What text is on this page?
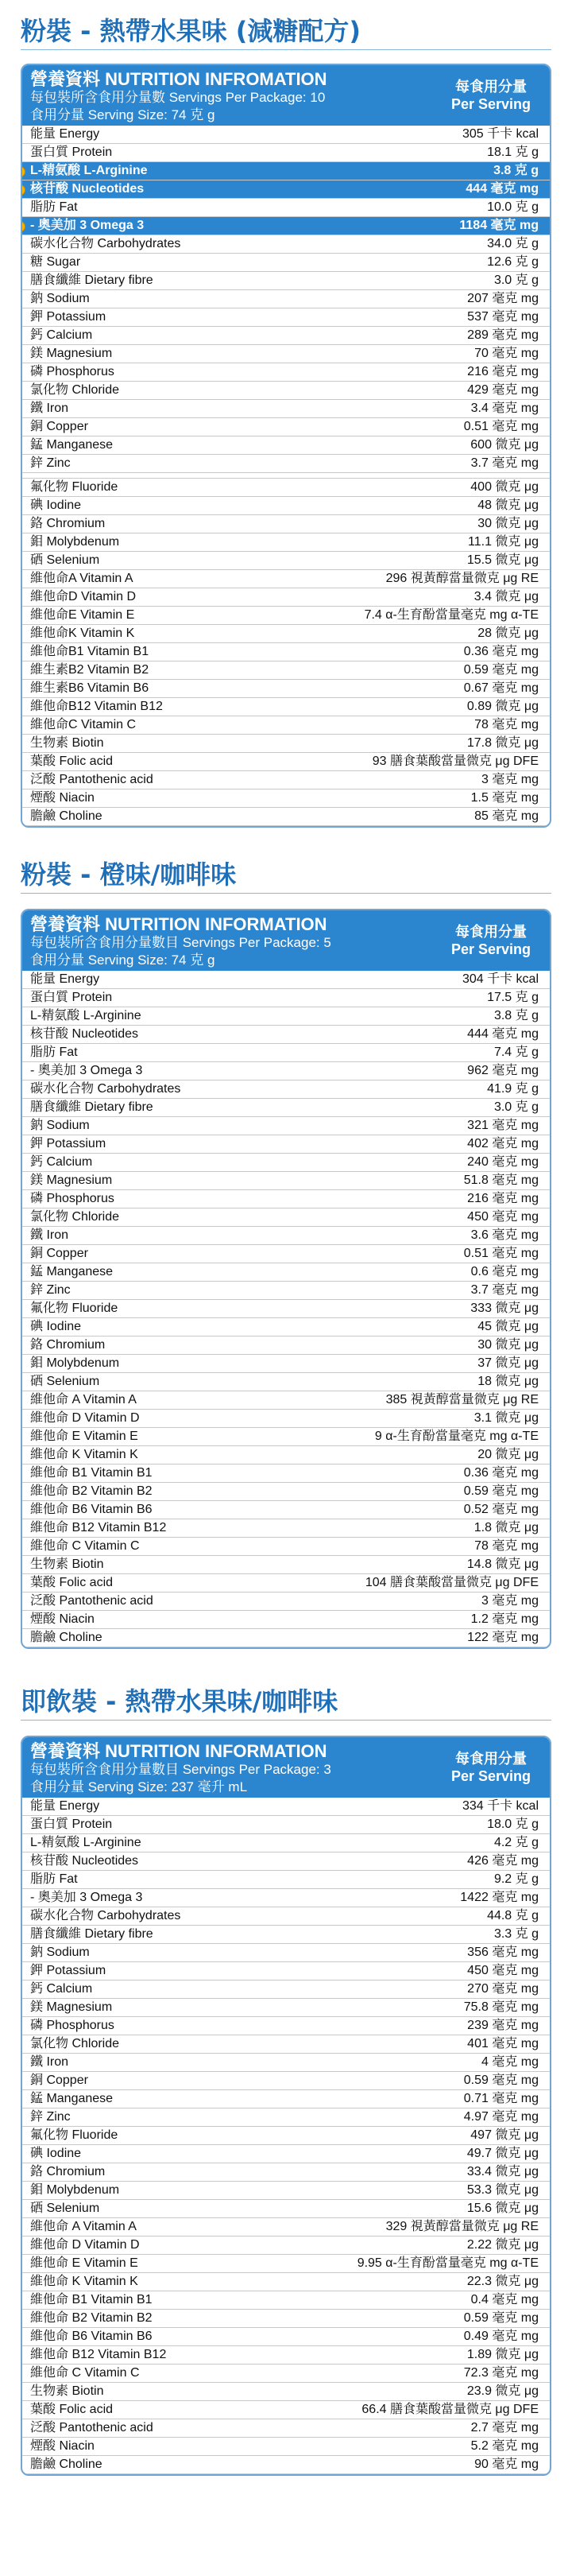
粉裝 - 熱帶水果味 (減糖配方)
營養資料 NUTRITION INFROMATION
每包裝所含食用分量數 Servings Per Package: 10
食用分量 Serving Size: 74 克 g
每食用分量
Per Serving
能量 Energy	305 千卡 kcal
蛋白質 Protein	18.1 克 g
L-精氨酸 L-Arginine	3.8 克 g
核苷酸 Nucleotides	444 毫克 mg
脂肪 Fat	10.0 克 g
- 奧美加 3 Omega 3	1184 毫克 mg
碳水化合物 Carbohydrates	34.0 克 g
糖 Sugar	12.6 克 g
膳食纖維 Dietary fibre	3.0 克 g
鈉 Sodium	207 毫克 mg
鉀 Potassium	537 毫克 mg
鈣 Calcium	289 毫克 mg
鎂 Magnesium	70 毫克 mg
磷 Phosphorus	216 毫克 mg
氯化物 Chloride	429 毫克 mg
鐵 Iron	3.4 毫克 mg
銅 Copper	0.51 毫克 mg
錳 Manganese	600 微克 μg
鋅 Zinc	3.7 毫克 mg
氟化物 Fluoride	400 微克 μg
碘 Iodine	48 微克 μg
鉻 Chromium	30 微克 μg
鉬 Molybdenum	11.1 微克 μg
硒 Selenium	15.5 微克 μg
維他命A Vitamin A	296 視黃醇當量微克 μg RE
維他命D Vitamin D	3.4 微克 μg
維他命E Vitamin E	7.4 α-生育酚當量毫克 mg α-TE
維他命K Vitamin K	28 微克 μg
維他命B1 Vitamin B1	0.36 毫克 mg
維生素B2 Vitamin B2	0.59 毫克 mg
維生素B6 Vitamin B6	0.67 毫克 mg
維他命B12 Vitamin B12	0.89 微克 μg
維他命C Vitamin C	78 毫克 mg
生物素 Biotin	17.8 微克 μg
葉酸 Folic acid	93 膳食葉酸當量微克 μg DFE
泛酸 Pantothenic acid	3 毫克 mg
煙酸 Niacin	1.5 毫克 mg
膽鹼 Choline	85 毫克 mg
粉裝 - 橙味/咖啡味
營養資料 NUTRITION INFORMATION
每包裝所含食用分量數目 Servings Per Package: 5
食用分量 Serving Size: 74 克 g
每食用分量
Per Serving
能量 Energy	304 千卡 kcal
蛋白質 Protein	17.5 克 g
L-精氨酸 L-Arginine	3.8 克 g
核苷酸 Nucleotides	444 毫克 mg
脂肪 Fat	7.4 克 g
- 奧美加 3 Omega 3	962 毫克 mg
碳水化合物 Carbohydrates	41.9 克 g
膳食纖維 Dietary fibre	3.0 克 g
鈉 Sodium	321 毫克 mg
鉀 Potassium	402 毫克 mg
鈣 Calcium	240 毫克 mg
鎂 Magnesium	51.8 毫克 mg
磷 Phosphorus	216 毫克 mg
氯化物 Chloride	450 毫克 mg
鐵 Iron	3.6 毫克 mg
銅 Copper	0.51 毫克 mg
錳 Manganese	0.6 毫克 mg
鋅 Zinc	3.7 毫克 mg
氟化物 Fluoride	333 微克 μg
碘 Iodine	45 微克 μg
鉻 Chromium	30 微克 μg
鉬 Molybdenum	37 微克 μg
硒 Selenium	18 微克 μg
維他命 A Vitamin A	385 視黃醇當量微克 μg RE
維他命 D Vitamin D	3.1 微克 μg
維他命 E Vitamin E	9 α-生育酚當量毫克 mg α-TE
維他命 K Vitamin K	20 微克 μg
維他命 B1 Vitamin B1	0.36 毫克 mg
維他命 B2 Vitamin B2	0.59 毫克 mg
維他命 B6 Vitamin B6	0.52 毫克 mg
維他命 B12 Vitamin B12	1.8 微克 μg
維他命 C Vitamin C	78 毫克 mg
生物素 Biotin	14.8 微克 μg
葉酸 Folic acid	104 膳食葉酸當量微克 μg DFE
泛酸 Pantothenic acid	3 毫克 mg
煙酸 Niacin	1.2 毫克 mg
膽鹼 Choline	122 毫克 mg
即飲裝 - 熱帶水果味/咖啡味
營養資料 NUTRITION INFORMATION
每包裝所含食用分量數目 Servings Per Package: 3
食用分量 Serving Size: 237 毫升 mL
每食用分量
Per Serving
能量 Energy	334 千卡 kcal
蛋白質 Protein	18.0 克 g
L-精氨酸 L-Arginine	4.2 克 g
核苷酸 Nucleotides	426 毫克 mg
脂肪 Fat	9.2 克 g
- 奧美加 3 Omega 3	1422 毫克 mg
碳水化合物 Carbohydrates	44.8 克 g
膳食纖維 Dietary fibre	3.3 克 g
鈉 Sodium	356 毫克 mg
鉀 Potassium	450 毫克 mg
鈣 Calcium	270 毫克 mg
鎂 Magnesium	75.8 毫克 mg
磷 Phosphorus	239 毫克 mg
氯化物 Chloride	401 毫克 mg
鐵 Iron	4 毫克 mg
銅 Copper	0.59 毫克 mg
錳 Manganese	0.71 毫克 mg
鋅 Zinc	4.97 毫克 mg
氟化物 Fluoride	497 微克 μg
碘 Iodine	49.7 微克 μg
鉻 Chromium	33.4 微克 μg
鉬 Molybdenum	53.3 微克 μg
硒 Selenium	15.6 微克 μg
維他命 A Vitamin A	329 視黃醇當量微克 μg RE
維他命 D Vitamin D	2.22 微克 μg
維他命 E Vitamin E	9.95 α-生育酚當量毫克 mg α-TE
維他命 K Vitamin K	22.3 微克 μg
維他命 B1 Vitamin B1	0.4 毫克 mg
維他命 B2 Vitamin B2	0.59 毫克 mg
維他命 B6 Vitamin B6	0.49 毫克 mg
維他命 B12 Vitamin B12	1.89 微克 μg
維他命 C Vitamin C	72.3 毫克 mg
生物素 Biotin	23.9 微克 μg
葉酸 Folic acid	66.4 膳食葉酸當量微克 μg DFE
泛酸 Pantothenic acid	2.7 毫克 mg
煙酸 Niacin	5.2 毫克 mg
膽鹼 Choline	90 毫克 mg
